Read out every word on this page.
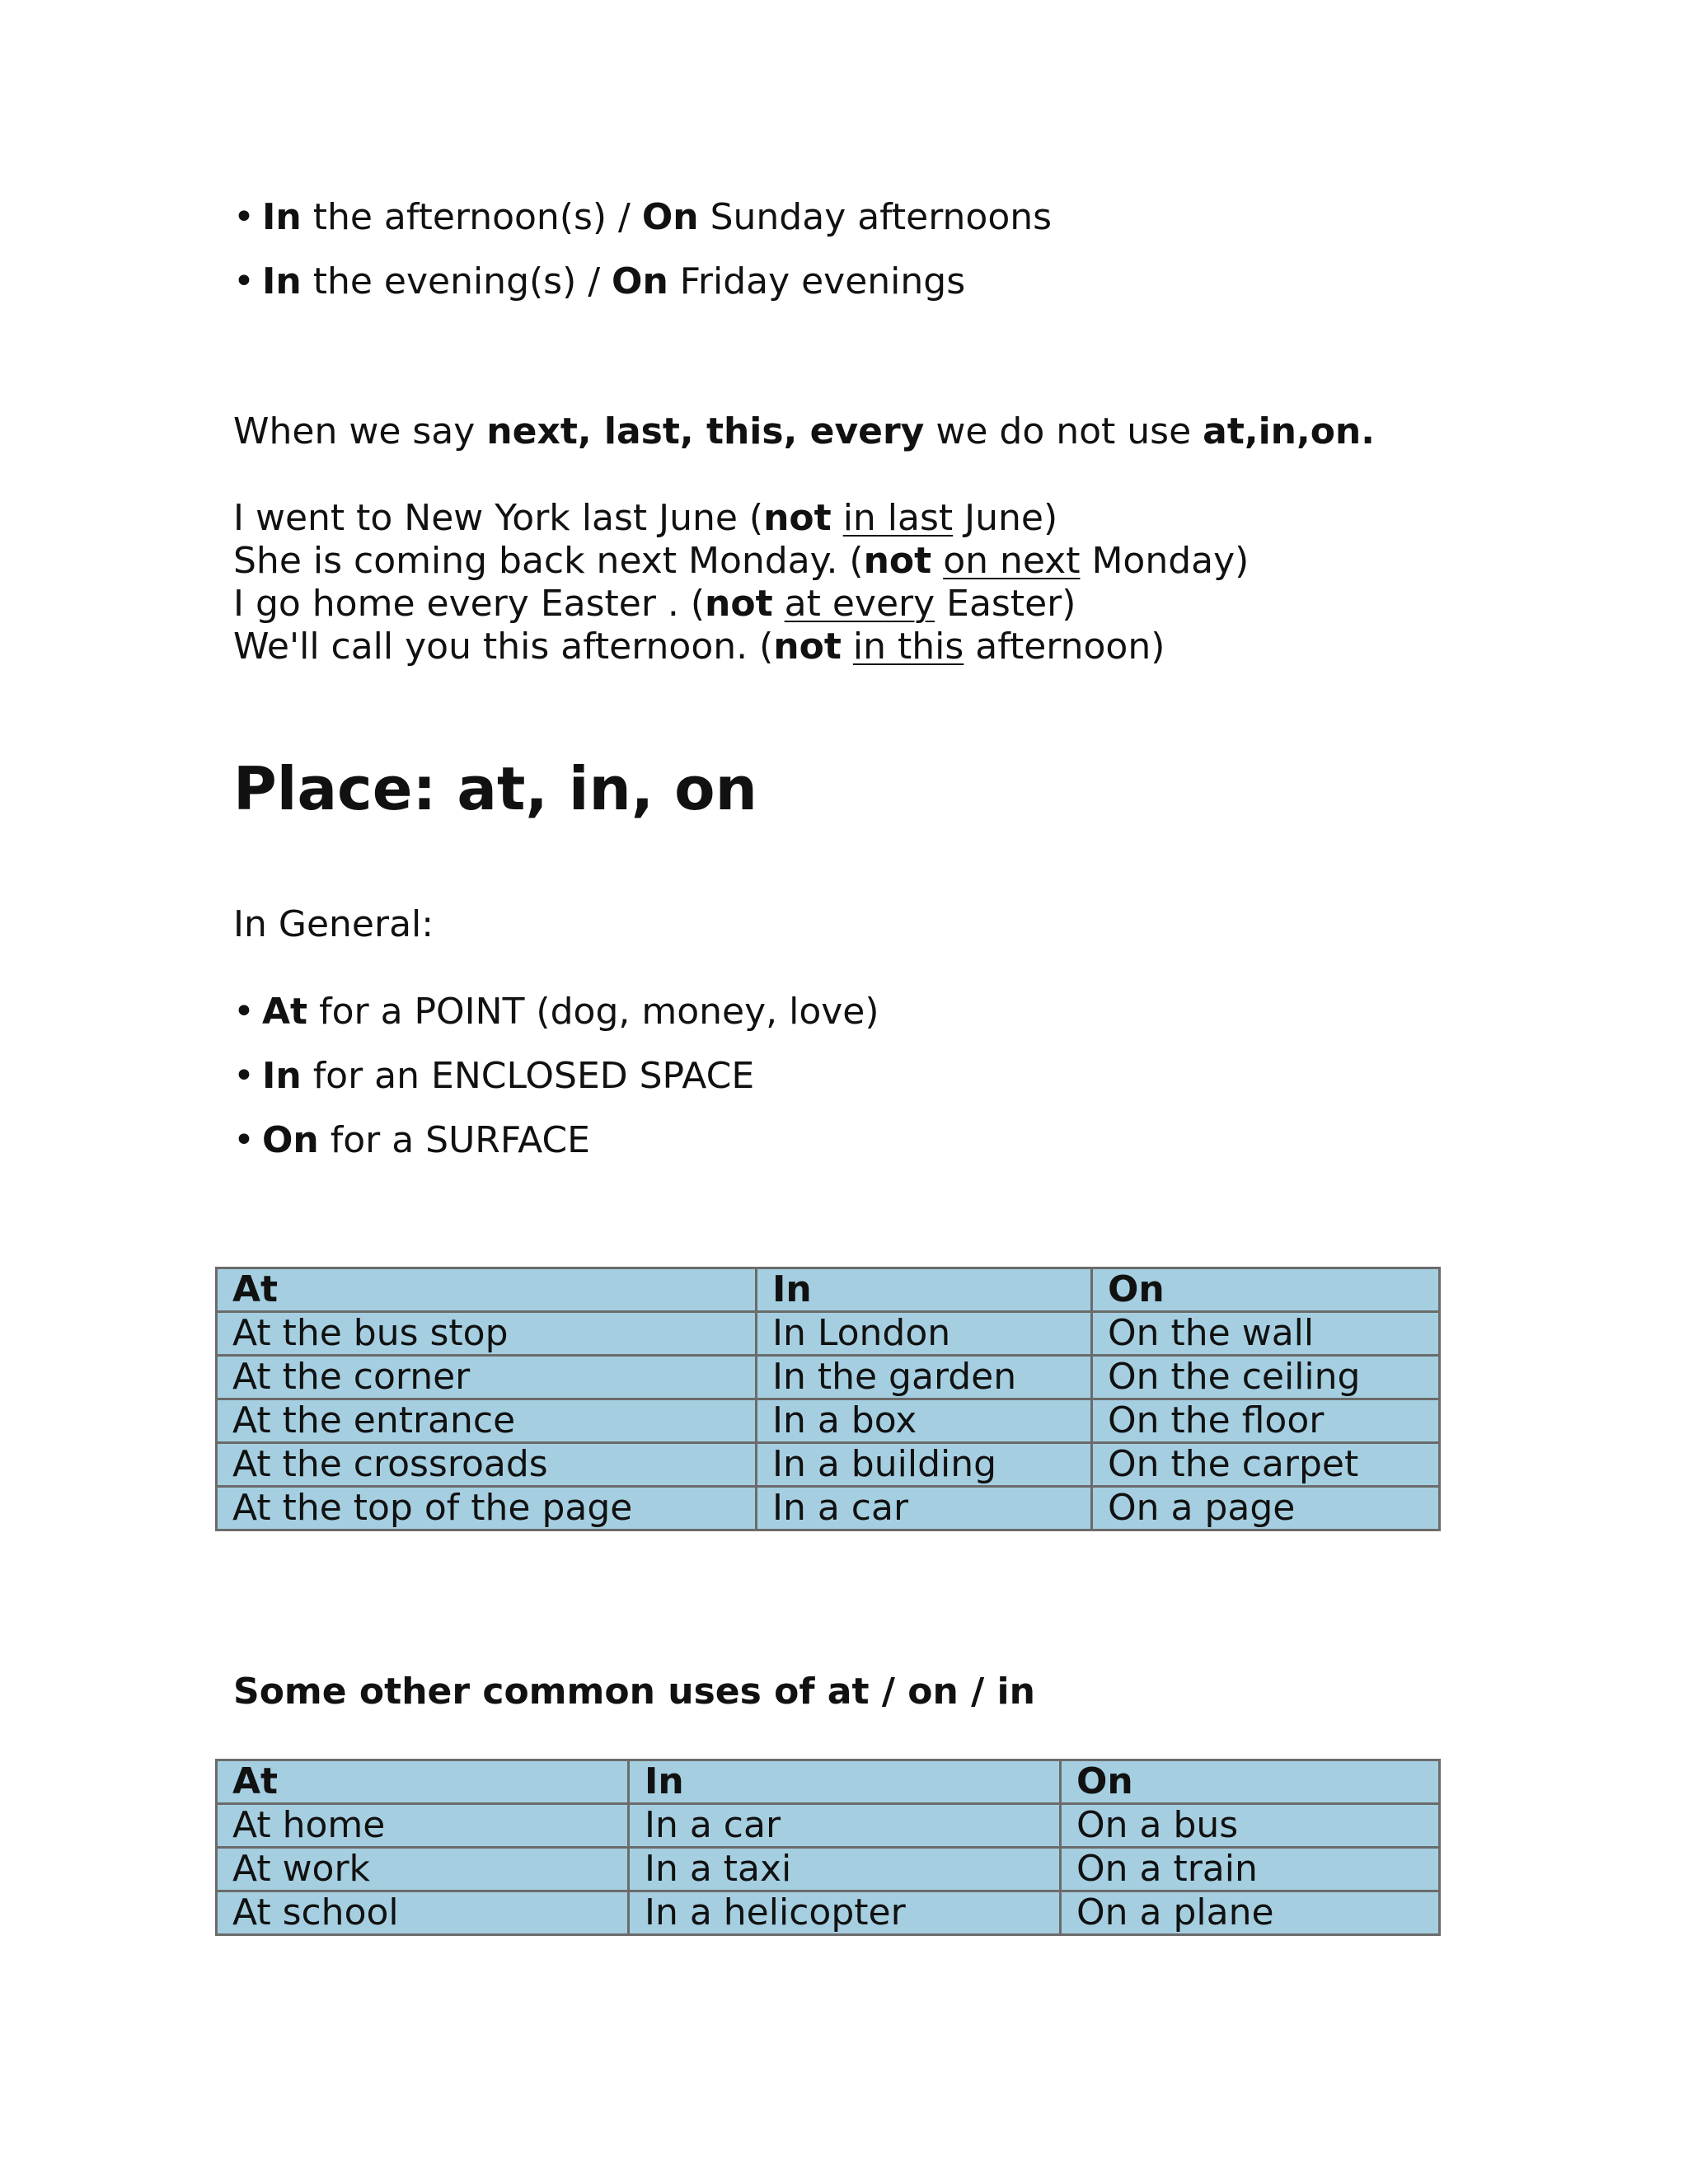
• In the afternoon(s) / On Sunday afternoons
• In the evening(s) / On Friday evenings
When we say next, last, this, every we do not use at,in,on.
I went to New York last June (not in last June)
She is coming back next Monday. (not on next Monday)
I go home every Easter . (not at every Easter)
We'll call you this afternoon. (not in this afternoon)
Place: at, in, on
In General:
• At for a POINT (dog, money, love)
• In for an ENCLOSED SPACE
• On for a SURFACE
At	In	On
At the bus stop	In London	On the wall
At the corner	In the garden	On the ceiling
At the entrance	In a box	On the floor
At the crossroads	In a building	On the carpet
At the top of the page	In a car	On a page
Some other common uses of at / on / in
At	In	On
At home	In a car	On a bus
At work	In a taxi	On a train
At school	In a helicopter	On a plane
